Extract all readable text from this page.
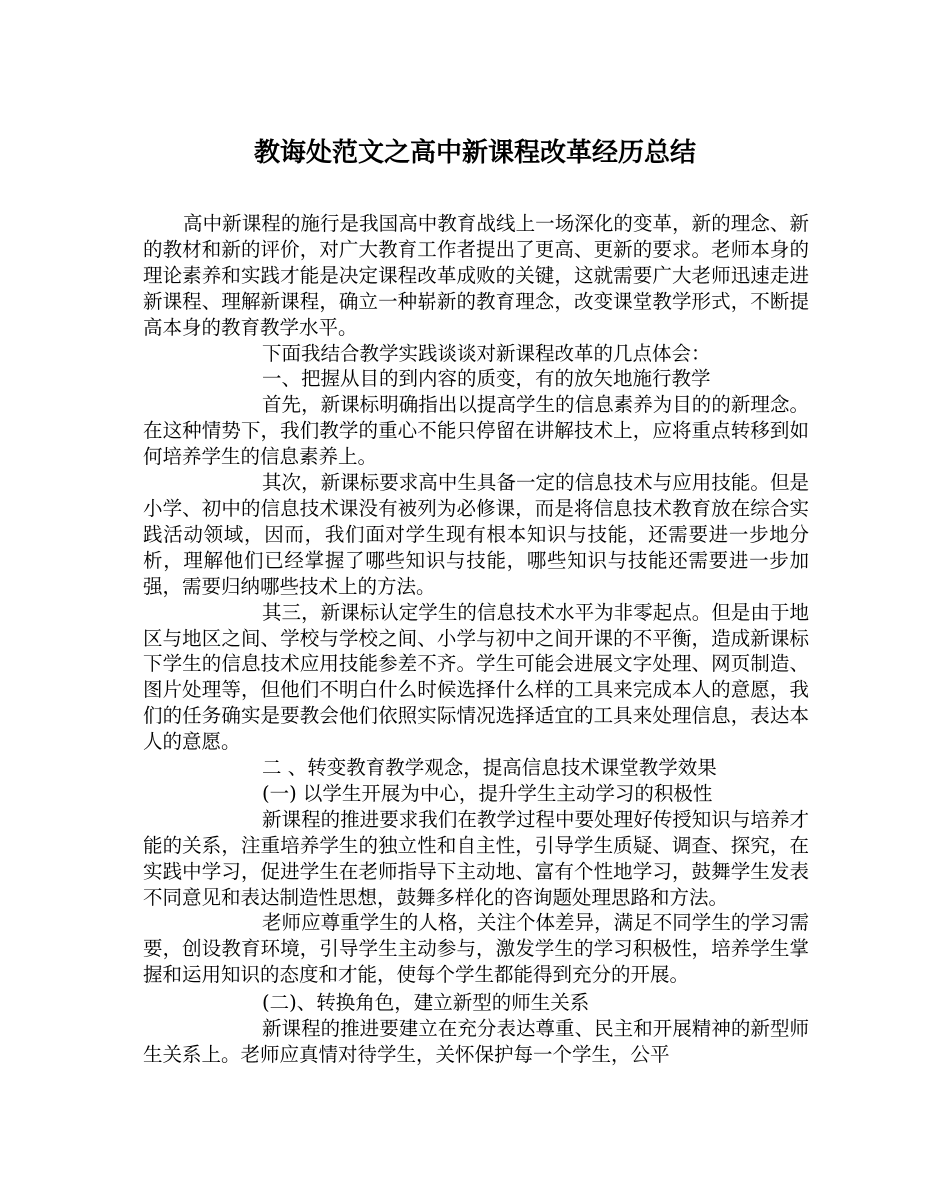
教诲处范文之高中新课程改革经历总结

高中新课程的施行是我国高中教育战线上一场深化的变革，新的理念、新的教材和新的评价，对广大教育工作者提出了更高、更新的要求。老师本身的理论素养和实践才能是决定课程改革成败的关键，这就需要广大老师迅速走进新课程、理解新课程，确立一种崭新的教育理念，改变课堂教学形式，不断提高本身的教育教学水平。

下面我结合教学实践谈谈对新课程改革的几点体会：

一、把握从目的到内容的质变，有的放矢地施行教学

首先，新课标明确指出以提高学生的信息素养为目的的新理念。在这种情势下，我们教学的重心不能只停留在讲解技术上，应将重点转移到如何培养学生的信息素养上。

其次，新课标要求高中生具备一定的信息技术与应用技能。但是小学、初中的信息技术课没有被列为必修课，而是将信息技术教育放在综合实践活动领域，因而，我们面对学生现有根本知识与技能，还需要进一步地分析，理解他们已经掌握了哪些知识与技能，哪些知识与技能还需要进一步加强，需要归纳哪些技术上的方法。

其三，新课标认定学生的信息技术水平为非零起点。但是由于地区与地区之间、学校与学校之间、小学与初中之间开课的不平衡，造成新课标下学生的信息技术应用技能参差不齐。学生可能会进展文字处理、网页制造、图片处理等，但他们不明白什么时候选择什么样的工具来完成本人的意愿，我们的任务确实是要教会他们依照实际情况选择适宜的工具来处理信息，表达本人的意愿。

二 、转变教育教学观念，提高信息技术课堂教学效果

(一) 以学生开展为中心，提升学生主动学习的积极性

新课程的推进要求我们在教学过程中要处理好传授知识与培养才能的关系，注重培养学生的独立性和自主性，引导学生质疑、调查、探究，在实践中学习，促进学生在老师指导下主动地、富有个性地学习，鼓舞学生发表不同意见和表达制造性思想，鼓舞多样化的咨询题处理思路和方法。

老师应尊重学生的人格，关注个体差异，满足不同学生的学习需要，创设教育环境，引导学生主动参与，激发学生的学习积极性，培养学生掌握和运用知识的态度和才能，使每个学生都能得到充分的开展。

(二)、转换角色，建立新型的师生关系

新课程的推进要建立在充分表达尊重、民主和开展精神的新型师生关系上。老师应真情对待学生，关怀保护每一个学生，公平
